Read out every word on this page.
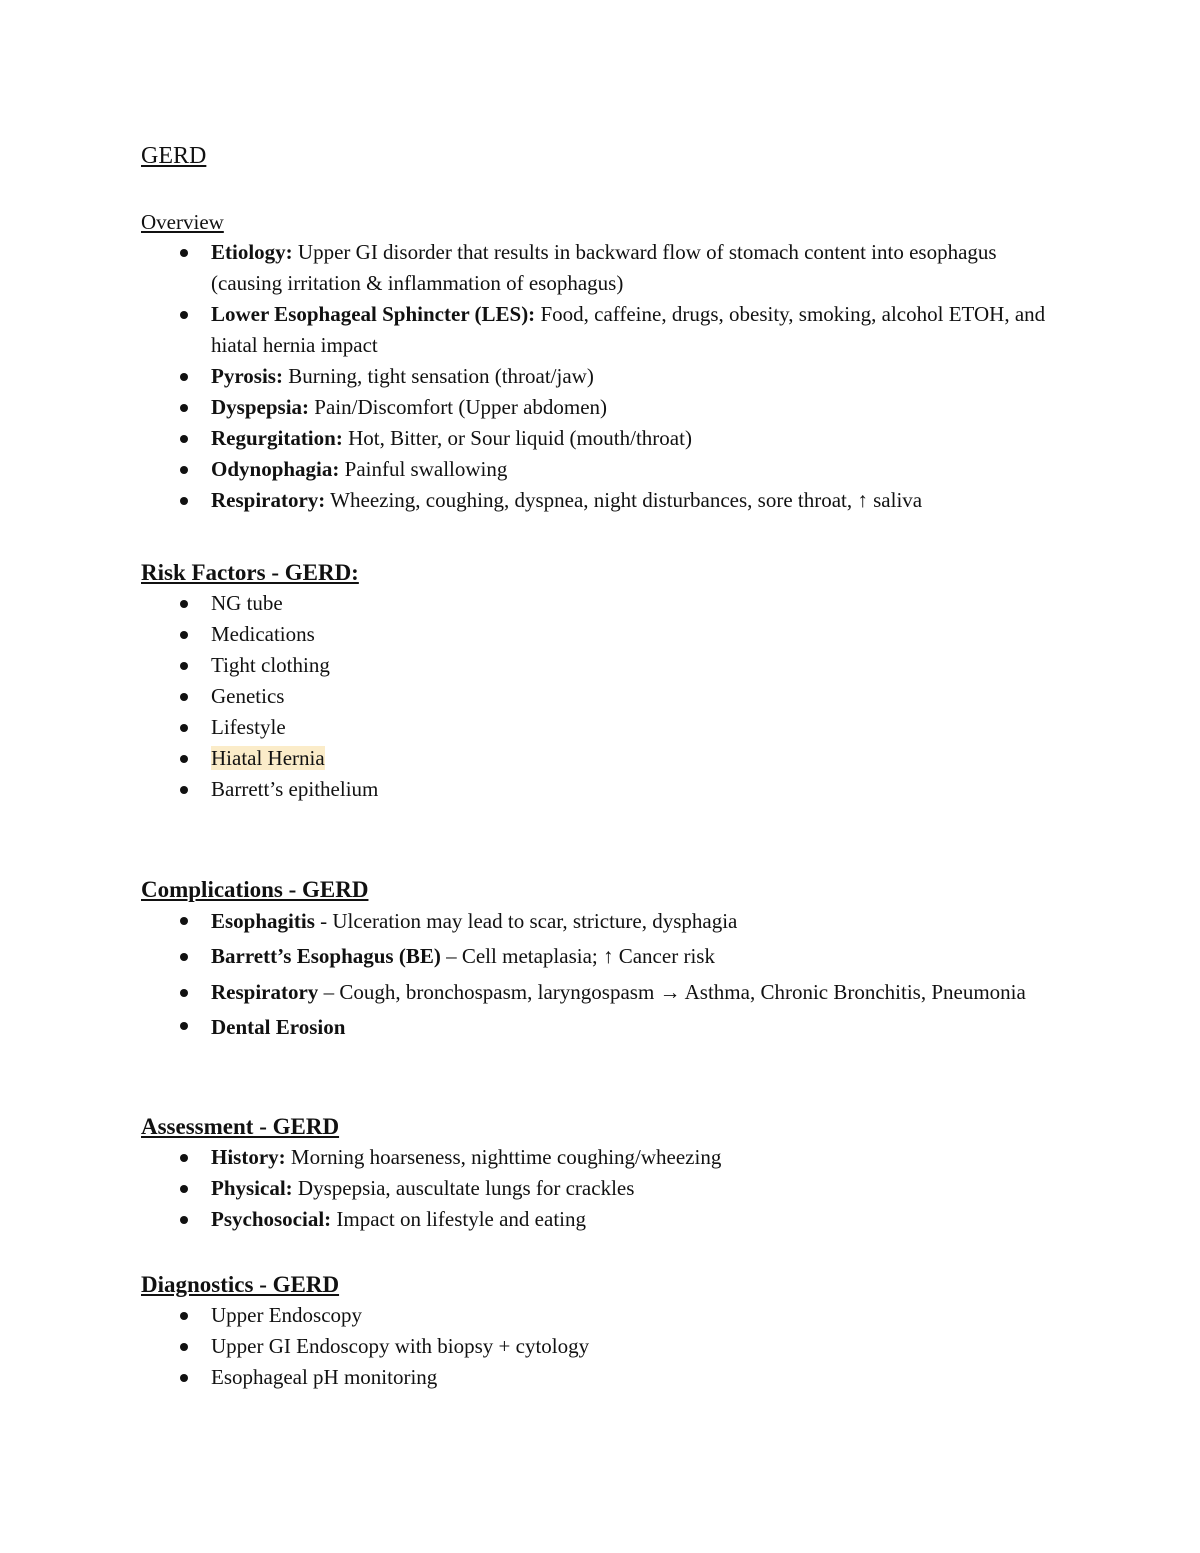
GERD
Overview
Etiology: Upper GI disorder that results in backward flow of stomach content into esophagus (causing irritation & inflammation of esophagus)
Lower Esophageal Sphincter (LES): Food, caffeine, drugs, obesity, smoking, alcohol ETOH, and hiatal hernia impact
Pyrosis: Burning, tight sensation (throat/jaw)
Dyspepsia: Pain/Discomfort (Upper abdomen)
Regurgitation: Hot, Bitter, or Sour liquid (mouth/throat)
Odynophagia: Painful swallowing
Respiratory: Wheezing, coughing, dyspnea, night disturbances, sore throat, ↑ saliva
Risk Factors - GERD:
NG tube
Medications
Tight clothing
Genetics
Lifestyle
Hiatal Hernia
Barrett’s epithelium
Complications - GERD
Esophagitis - Ulceration may lead to scar, stricture, dysphagia
Barrett’s Esophagus (BE) – Cell metaplasia; ↑ Cancer risk
Respiratory – Cough, bronchospasm, laryngospasm → Asthma, Chronic Bronchitis, Pneumonia
Dental Erosion
Assessment - GERD
History: Morning hoarseness, nighttime coughing/wheezing
Physical: Dyspepsia, auscultate lungs for crackles
Psychosocial: Impact on lifestyle and eating
Diagnostics - GERD
Upper Endoscopy
Upper GI Endoscopy with biopsy + cytology
Esophageal pH monitoring
